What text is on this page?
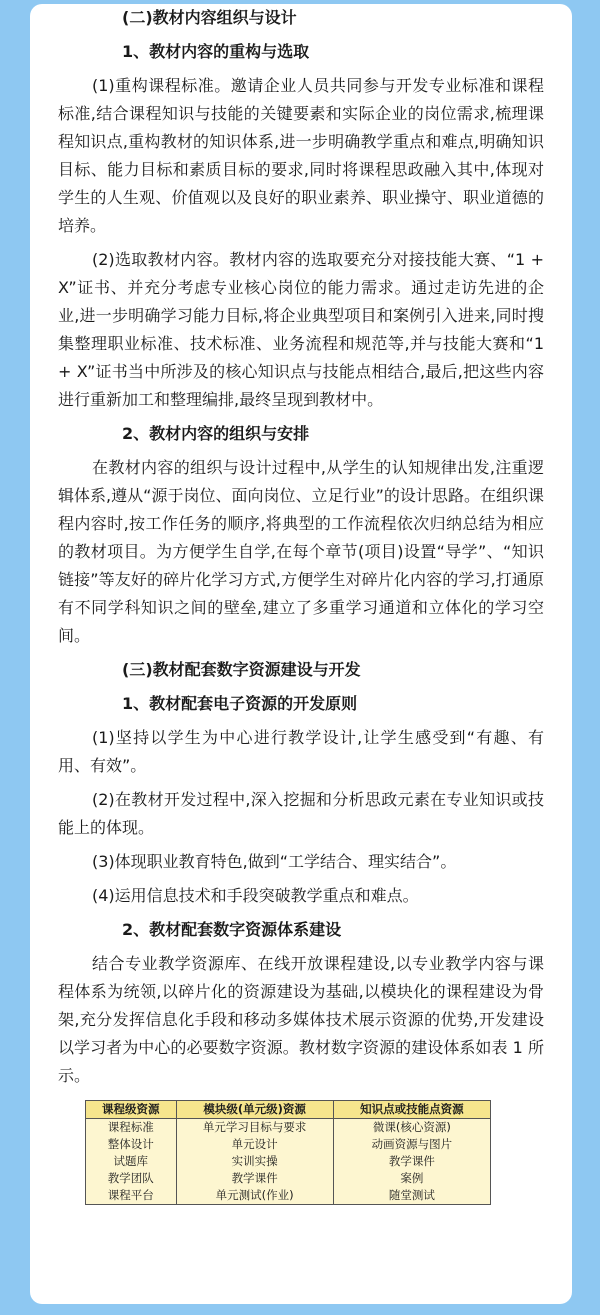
(二)教材内容组织与设计
1、教材内容的重构与选取
(1)重构课程标准。邀请企业人员共同参与开发专业标准和课程标准,结合课程知识与技能的关键要素和实际企业的岗位需求,梳理课程知识点,重构教材的知识体系,进一步明确教学重点和难点,明确知识目标、能力目标和素质目标的要求,同时将课程思政融入其中,体现对学生的人生观、价值观以及良好的职业素养、职业操守、职业道德的培养。
(2)选取教材内容。教材内容的选取要充分对接技能大赛、“1 + X”证书、并充分考虑专业核心岗位的能力需求。通过走访先进的企业,进一步明确学习能力目标,将企业典型项目和案例引入进来,同时搜集整理职业标准、技术标准、业务流程和规范等,并与技能大赛和“1 + X”证书当中所涉及的核心知识点与技能点相结合,最后,把这些内容进行重新加工和整理编排,最终呈现到教材中。
2、教材内容的组织与安排
在教材内容的组织与设计过程中,从学生的认知规律出发,注重逻辑体系,遵从“源于岗位、面向岗位、立足行业”的设计思路。在组织课程内容时,按工作任务的顺序,将典型的工作流程依次归纳总结为相应的教材项目。为方便学生自学,在每个章节(项目)设置“导学”、“知识链接”等友好的碎片化学习方式,方便学生对碎片化内容的学习,打通原有不同学科知识之间的壁垒,建立了多重学习通道和立体化的学习空间。
(三)教材配套数字资源建设与开发
1、教材配套电子资源的开发原则
(1)坚持以学生为中心进行教学设计,让学生感受到“有趣、有用、有效”。
(2)在教材开发过程中,深入挖掘和分析思政元素在专业知识或技能上的体现。
(3)体现职业教育特色,做到“工学结合、理实结合”。
(4)运用信息技术和手段突破教学重点和难点。
2、教材配套数字资源体系建设
结合专业教学资源库、在线开放课程建设,以专业教学内容与课程体系为统领,以碎片化的资源建设为基础,以模块化的课程建设为骨架,充分发挥信息化手段和移动多媒体技术展示资源的优势,开发建设以学习者为中心的必要数字资源。教材数字资源的建设体系如表 1 所示。
课程级资源	模块级(单元级)资源	知识点或技能点资源
课程标准	单元学习目标与要求	微课(核心资源)
整体设计	单元设计	动画资源与图片
试题库	实训实操	教学课件
教学团队	教学课件	案例
课程平台	单元测试(作业)	随堂测试
